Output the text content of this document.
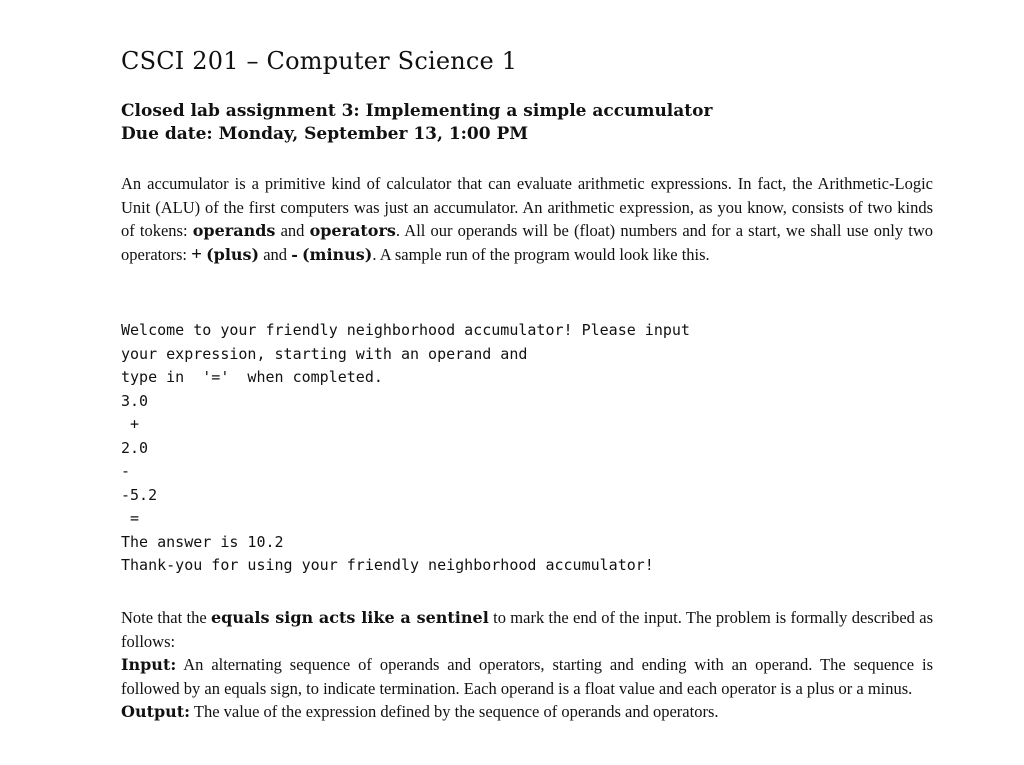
CSCI 201 – Computer Science 1
Closed lab assignment 3: Implementing a simple accumulator
Due date: Monday, September 13, 1:00 PM
An accumulator is a primitive kind of calculator that can evaluate arithmetic expressions. In fact, the Arithmetic-Logic Unit (ALU) of the first computers was just an accumulator. An arithmetic expression, as you know, consists of two kinds of tokens: operands and operators. All our operands will be (float) numbers and for a start, we shall use only two operators: + (plus) and - (minus). A sample run of the program would look like this.
Welcome to your friendly neighborhood accumulator! Please input
your expression, starting with an operand and
type in  '='  when completed.
3.0
+
2.0
-
-5.2
=
The answer is 10.2
Thank-you for using your friendly neighborhood accumulator!
Note that the equals sign acts like a sentinel to mark the end of the input. The problem is formally described as follows:
Input: An alternating sequence of operands and operators, starting and ending with an operand. The sequence is followed by an equals sign, to indicate termination. Each operand is a float value and each operator is a plus or a minus.
Output: The value of the expression defined by the sequence of operands and operators.
